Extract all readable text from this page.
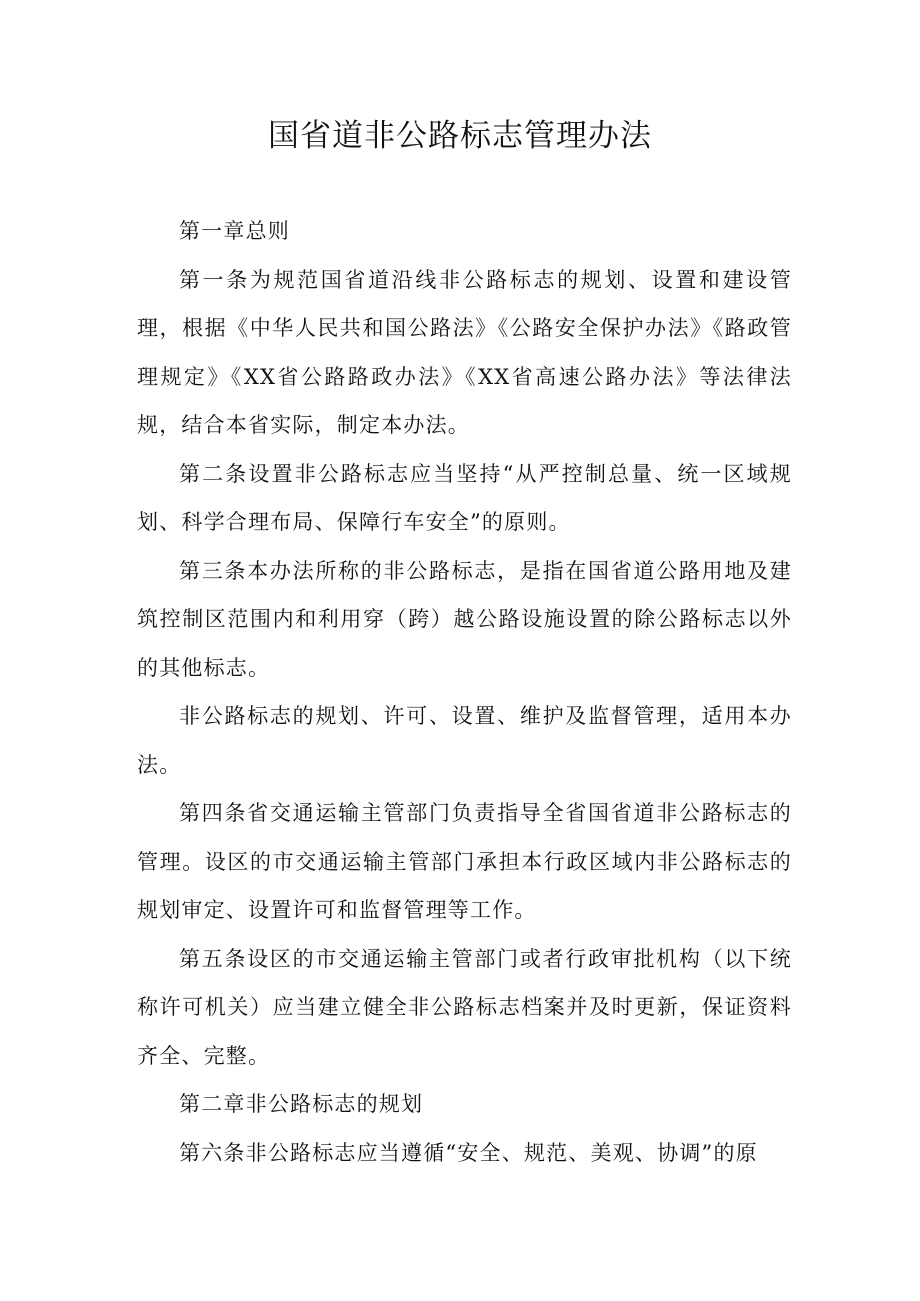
国省道非公路标志管理办法

第一章总则

第一条为规范国省道沿线非公路标志的规划、设置和建设管理，根据《中华人民共和国公路法》《公路安全保护办法》《路政管理规定》《XX省公路路政办法》《XX省高速公路办法》等法律法规，结合本省实际，制定本办法。

第二条设置非公路标志应当坚持“从严控制总量、统一区域规划、科学合理布局、保障行车安全”的原则。

第三条本办法所称的非公路标志，是指在国省道公路用地及建筑控制区范围内和利用穿（跨）越公路设施设置的除公路标志以外的其他标志。

非公路标志的规划、许可、设置、维护及监督管理，适用本办法。

第四条省交通运输主管部门负责指导全省国省道非公路标志的管理。设区的市交通运输主管部门承担本行政区域内非公路标志的规划审定、设置许可和监督管理等工作。

第五条设区的市交通运输主管部门或者行政审批机构（以下统称许可机关）应当建立健全非公路标志档案并及时更新，保证资料齐全、完整。

第二章非公路标志的规划

第六条非公路标志应当遵循“安全、规范、美观、协调”的原
